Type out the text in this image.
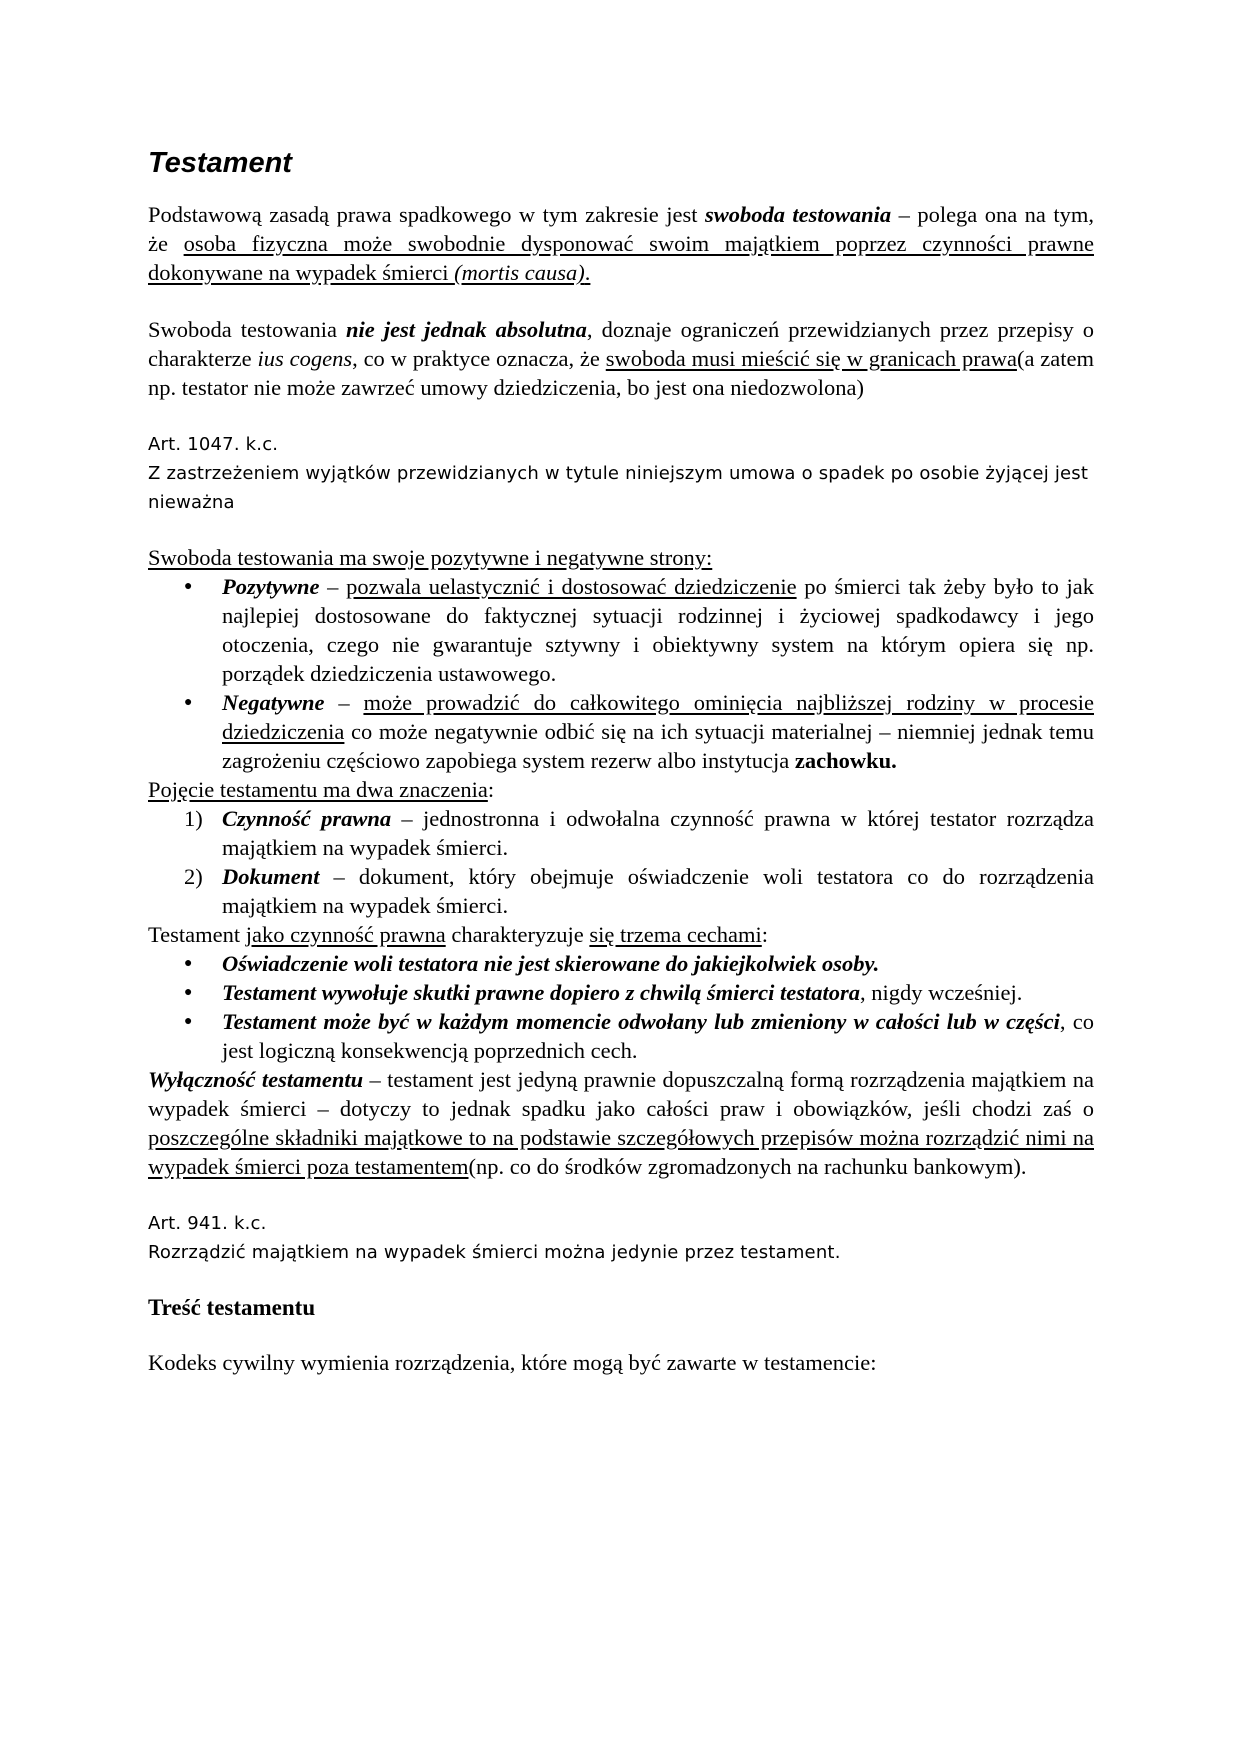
Testament

Podstawową zasadą prawa spadkowego w tym zakresie jest swoboda testowania – polega ona na tym, że osoba fizyczna może swobodnie dysponować swoim majątkiem poprzez czynności prawne dokonywane na wypadek śmierci (mortis causa).

Swoboda testowania nie jest jednak absolutna, doznaje ograniczeń przewidzianych przez przepisy o charakterze ius cogens, co w praktyce oznacza, że swoboda musi mieścić się w granicach prawa(a zatem np. testator nie może zawrzeć umowy dziedziczenia, bo jest ona niedozwolona)

Art. 1047. k.c.
Z zastrzeżeniem wyjątków przewidzianych w tytule niniejszym umowa o spadek po osobie żyjącej jest nieważna

Swoboda testowania ma swoje pozytywne i negatywne strony:

● Pozytywne – pozwala uelastycznić i dostosować dziedziczenie po śmierci tak żeby było to jak najlepiej dostosowane do faktycznej sytuacji rodzinnej i życiowej spadkodawcy i jego otoczenia, czego nie gwarantuje sztywny i obiektywny system na którym opiera się np. porządek dziedziczenia ustawowego.
● Negatywne – może prowadzić do całkowitego ominięcia najbliższej rodziny w procesie dziedziczenia co może negatywnie odbić się na ich sytuacji materialnej – niemniej jednak temu zagrożeniu częściowo zapobiega system rezerw albo instytucja zachowku.

Pojęcie testamentu ma dwa znaczenia:

1) Czynność prawna – jednostronna i odwołalna czynność prawna w której testator rozrządza majątkiem na wypadek śmierci.
2) Dokument – dokument, który obejmuje oświadczenie woli testatora co do rozrządzenia majątkiem na wypadek śmierci.

Testament jako czynność prawna charakteryzuje się trzema cechami:

● Oświadczenie woli testatora nie jest skierowane do jakiejkolwiek osoby.
● Testament wywołuje skutki prawne dopiero z chwilą śmierci testatora, nigdy wcześniej.
● Testament może być w każdym momencie odwołany lub zmieniony w całości lub w części, co jest logiczną konsekwencją poprzednich cech.

Wyłączność testamentu – testament jest jedyną prawnie dopuszczalną formą rozrządzenia majątkiem na wypadek śmierci – dotyczy to jednak spadku jako całości praw i obowiązków, jeśli chodzi zaś o poszczególne składniki majątkowe to na podstawie szczegółowych przepisów można rozrządzić nimi na wypadek śmierci poza testamentem(np. co do środków zgromadzonych na rachunku bankowym).

Art. 941. k.c.
Rozrządzić majątkiem na wypadek śmierci można jedynie przez testament.
Treść testamentu

Kodeks cywilny wymienia rozrządzenia, które mogą być zawarte w testamencie:
